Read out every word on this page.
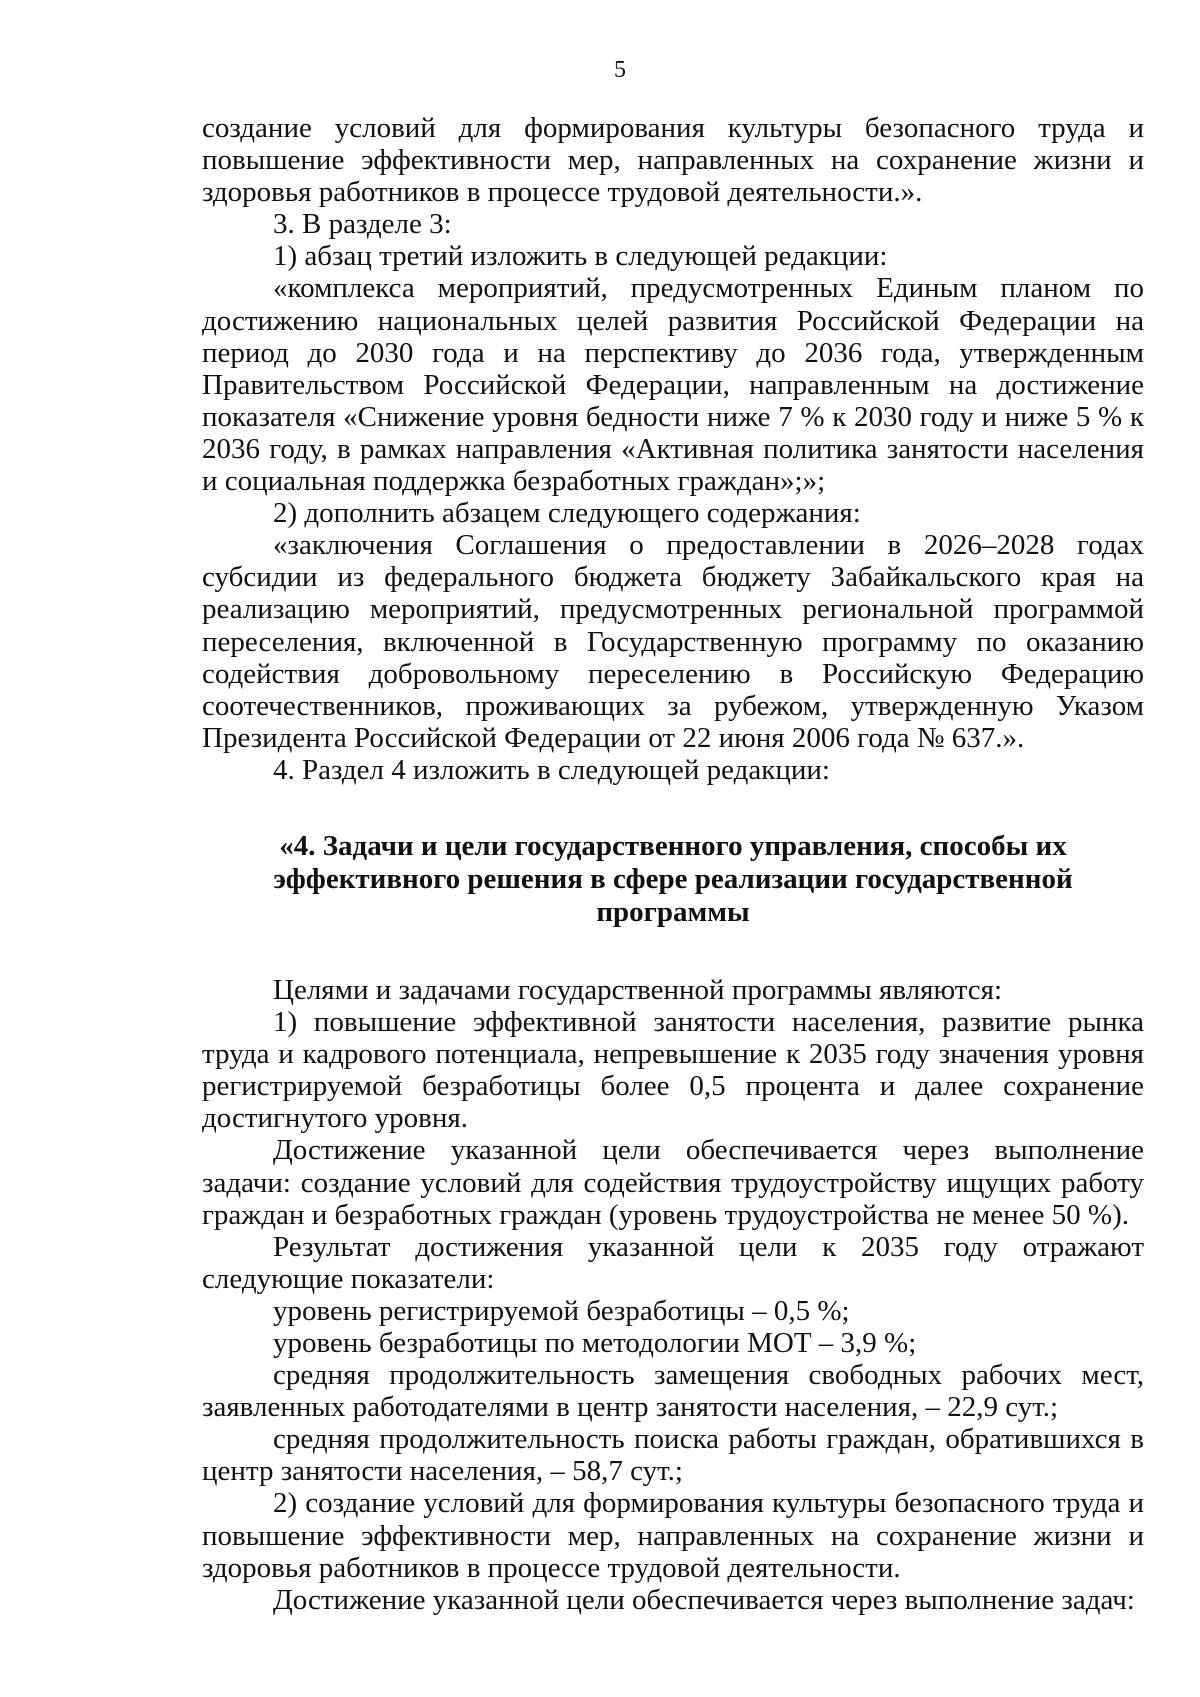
5

создание условий для формирования культуры безопасного труда и повышение эффективности мер, направленных на сохранение жизни и здоровья работников в процессе трудовой деятельности.».

3. В разделе 3:

1) абзац третий изложить в следующей редакции:

«комплекса мероприятий, предусмотренных Единым планом по достижению национальных целей развития Российской Федерации на период до 2030 года и на перспективу до 2036 года, утвержденным Правительством Российской Федерации, направленным на достижение показателя «Снижение уровня бедности ниже 7 % к 2030 году и ниже 5 % к 2036 году, в рамках направления «Активная политика занятости населения и социальная поддержка безработных граждан»;»;

2) дополнить абзацем следующего содержания:

«заключения Соглашения о предоставлении в 2026–2028 годах субсидии из федерального бюджета бюджету Забайкальского края на реализацию мероприятий, предусмотренных региональной программой переселения, включенной в Государственную программу по оказанию содействия добровольному переселению в Российскую Федерацию соотечественников, проживающих за рубежом, утвержденную Указом Президента Российской Федерации от 22 июня 2006 года № 637.».

4. Раздел 4 изложить в следующей редакции:

«4. Задачи и цели государственного управления, способы их
эффективного решения в сфере реализации государственной программы

Целями и задачами государственной программы являются:

1) повышение эффективной занятости населения, развитие рынка труда и кадрового потенциала, непревышение к 2035 году значения уровня регистрируемой безработицы более 0,5 процента и далее сохранение достигнутого уровня.

Достижение указанной цели обеспечивается через выполнение задачи: создание условий для содействия трудоустройству ищущих работу граждан и безработных граждан (уровень трудоустройства не менее 50 %).

Результат достижения указанной цели к 2035 году отражают следующие показатели:

уровень регистрируемой безработицы – 0,5 %;

уровень безработицы по методологии МОТ – 3,9 %;

средняя продолжительность замещения свободных рабочих мест, заявленных работодателями в центр занятости населения, – 22,9 сут.;

средняя продолжительность поиска работы граждан, обратившихся в центр занятости населения, – 58,7 сут.;

2) создание условий для формирования культуры безопасного труда и повышение эффективности мер, направленных на сохранение жизни и здоровья работников в процессе трудовой деятельности.

Достижение указанной цели обеспечивается через выполнение задач:
